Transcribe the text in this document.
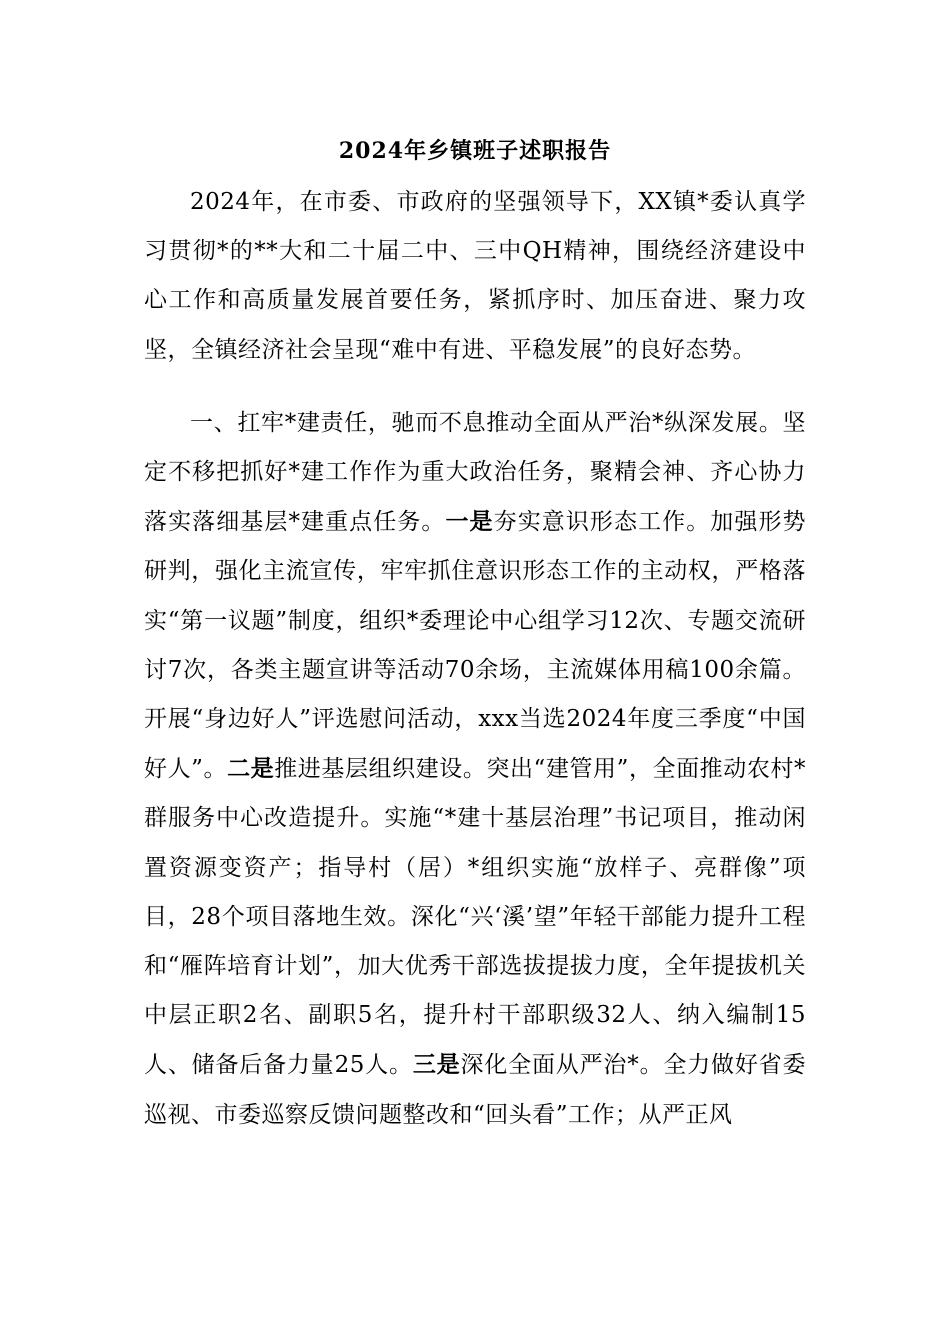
2024年乡镇班子述职报告

2024年，在市委、市政府的坚强领导下，XX镇*委认真学习贯彻*的**大和二十届二中、三中QH精神，围绕经济建设中心工作和高质量发展首要任务，紧抓序时、加压奋进、聚力攻坚，全镇经济社会呈现“难中有进、平稳发展”的良好态势。

一、扛牢*建责任，驰而不息推动全面从严治*纵深发展。坚定不移把抓好*建工作作为重大政治任务，聚精会神、齐心协力落实落细基层*建重点任务。一是夯实意识形态工作。加强形势研判，强化主流宣传，牢牢抓住意识形态工作的主动权，严格落实“第一议题”制度，组织*委理论中心组学习12次、专题交流研讨7次，各类主题宣讲等活动70余场，主流媒体用稿100余篇。开展“身边好人”评选慰问活动，xxx当选2024年度三季度“中国好人”。二是推进基层组织建设。突出“建管用”，全面推动农村*群服务中心改造提升。实施“*建十基层治理”书记项目，推动闲置资源变资产；指导村（居）*组织实施“放样子、亮群像”项目，28个项目落地生效。深化“兴‘溪’望”年轻干部能力提升工程和“雁阵培育计划”，加大优秀干部选拔提拔力度，全年提拔机关中层正职2名、副职5名，提升村干部职级32人、纳入编制15人、储备后备力量25人。三是深化全面从严治*。全力做好省委巡视、市委巡察反馈问题整改和“回头看”工作；从严正风
